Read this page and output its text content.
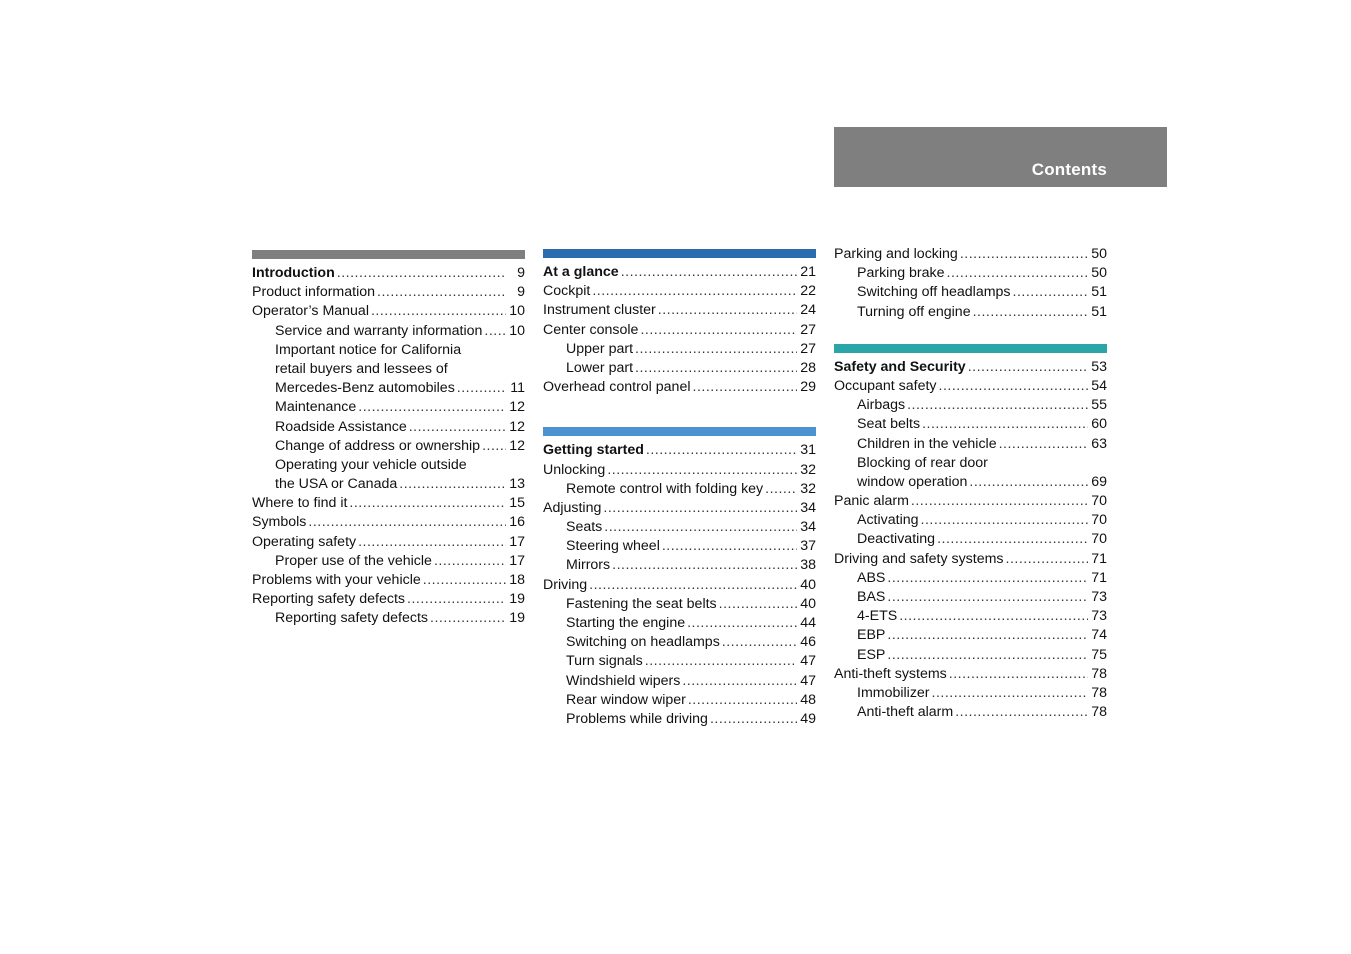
Contents
Introduction .....	9
Product information .....	9
Operator’s Manual .....	10
Service and warranty information ..... 10
Important notice for California
retail buyers and lessees of
Mercedes-Benz automobiles .....	11
Maintenance .....	12
Roadside Assistance .....	12
Change of address or ownership ..... 12
Operating your vehicle outside
the USA or Canada .....	13
Where to find it .....	15
Symbols .....	16
Operating safety .....	17
Proper use of the vehicle .....	17
Problems with your vehicle .....	18
Reporting safety defects .....	19
Reporting safety defects .....	19
At a glance .....	21
Cockpit .....	22
Instrument cluster .....	24
Center console .....	27
Upper part .....	27
Lower part .....	28
Overhead control panel .....	29
Getting started .....	31
Unlocking .....	32
Remote control with folding key .....	32
Adjusting .....	34
Seats .....	34
Steering wheel .....	37
Mirrors .....	38
Driving .....	40
Fastening the seat belts .....	40
Starting the engine .....	44
Switching on headlamps .....	46
Turn signals .....	47
Windshield wipers .....	47
Rear window wiper .....	48
Problems while driving .....	49
Parking and locking .....	50
Parking brake .....	50
Switching off headlamps .....	51
Turning off engine .....	51
Safety and Security .....	53
Occupant safety .....	54
Airbags .....	55
Seat belts .....	60
Children in the vehicle .....	63
Blocking of rear door
window operation .....	69
Panic alarm .....	70
Activating .....	70
Deactivating .....	70
Driving and safety systems .....	71
ABS .....	71
BAS .....	73
4-ETS .....	73
EBP .....	74
ESP .....	75
Anti-theft systems .....	78
Immobilizer .....	78
Anti-theft alarm .....	78
